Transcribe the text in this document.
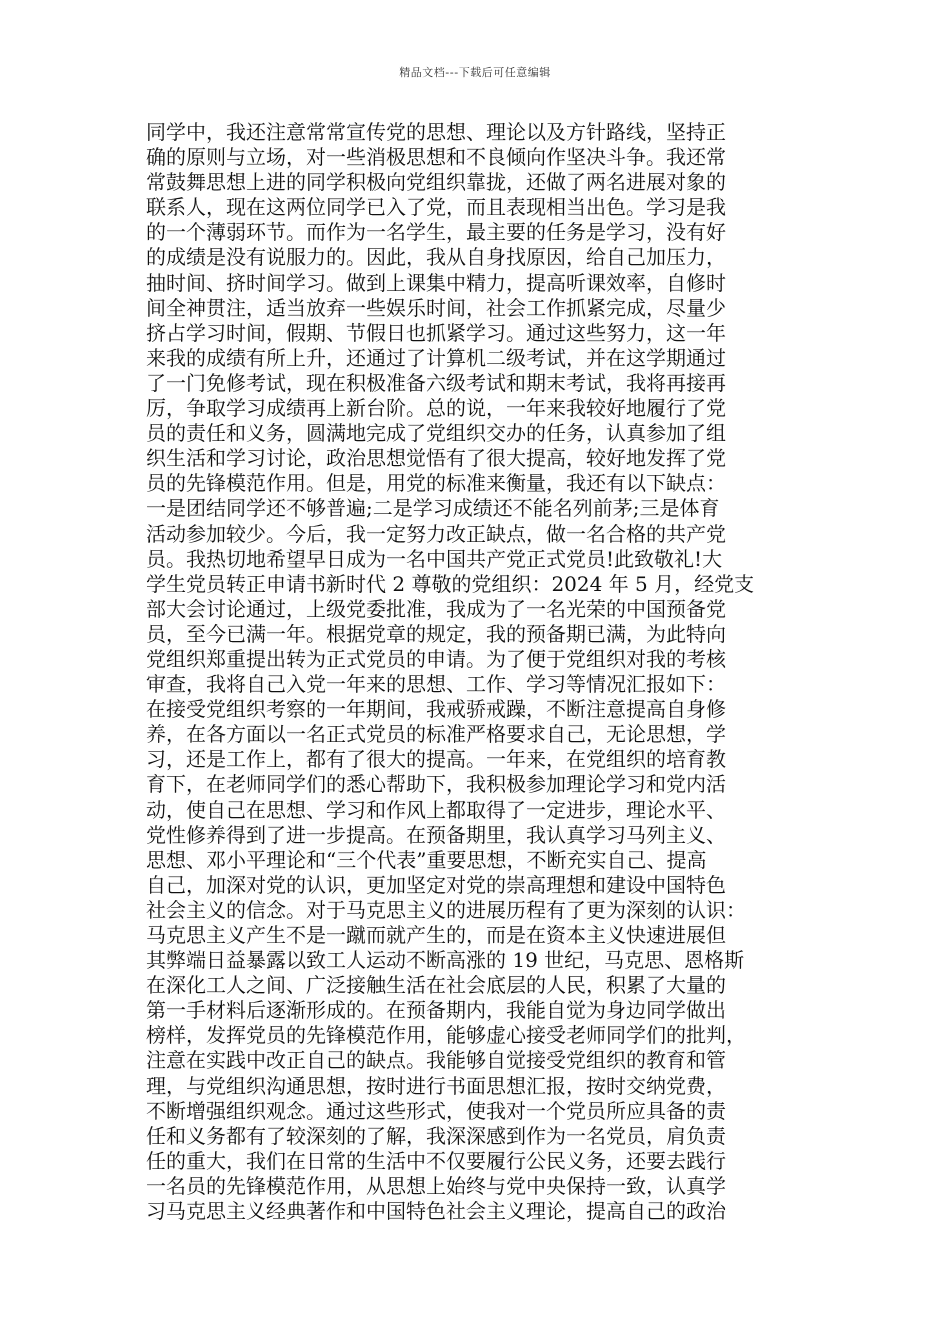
精品文档---下载后可任意编辑
同学中，我还注意常常宣传党的思想、理论以及方针路线，坚持正
确的原则与立场，对一些消极思想和不良倾向作坚决斗争。我还常
常鼓舞思想上进的同学积极向党组织靠拢，还做了两名进展对象的
联系人，现在这两位同学已入了党，而且表现相当出色。学习是我
的一个薄弱环节。而作为一名学生，最主要的任务是学习，没有好
的成绩是没有说服力的。因此，我从自身找原因，给自己加压力，
抽时间、挤时间学习。做到上课集中精力，提高听课效率，自修时
间全神贯注，适当放弃一些娱乐时间，社会工作抓紧完成，尽量少
挤占学习时间，假期、节假日也抓紧学习。通过这些努力，这一年
来我的成绩有所上升，还通过了计算机二级考试，并在这学期通过
了一门免修考试，现在积极准备六级考试和期末考试，我将再接再
厉，争取学习成绩再上新台阶。总的说，一年来我较好地履行了党
员的责任和义务，圆满地完成了党组织交办的任务，认真参加了组
织生活和学习讨论，政治思想觉悟有了很大提高，较好地发挥了党
员的先锋模范作用。但是，用党的标准来衡量，我还有以下缺点：
一是团结同学还不够普遍;二是学习成绩还不能名列前茅;三是体育
活动参加较少。今后，我一定努力改正缺点，做一名合格的共产党
员。我热切地希望早日成为一名中国共产党正式党员!此致敬礼!大
学生党员转正申请书新时代 2 尊敬的党组织：2024 年 5 月，经党支
部大会讨论通过，上级党委批准，我成为了一名光荣的中国预备党
员，至今已满一年。根据党章的规定，我的预备期已满，为此特向
党组织郑重提出转为正式党员的申请。为了便于党组织对我的考核
审查，我将自己入党一年来的思想、工作、学习等情况汇报如下：
在接受党组织考察的一年期间，我戒骄戒躁，不断注意提高自身修
养，在各方面以一名正式党员的标准严格要求自己，无论思想，学
习，还是工作上，都有了很大的提高。一年来，在党组织的培育教
育下，在老师同学们的悉心帮助下，我积极参加理论学习和党内活
动，使自己在思想、学习和作风上都取得了一定进步，理论水平、
党性修养得到了进一步提高。在预备期里，我认真学习马列主义、
思想、邓小平理论和“三个代表”重要思想，不断充实自己、提高
自己，加深对党的认识，更加坚定对党的崇高理想和建设中国特色
社会主义的信念。对于马克思主义的进展历程有了更为深刻的认识：
马克思主义产生不是一蹴而就产生的，而是在资本主义快速进展但
其弊端日益暴露以致工人运动不断高涨的 19 世纪，马克思、恩格斯
在深化工人之间、广泛接触生活在社会底层的人民，积累了大量的
第一手材料后逐渐形成的。在预备期内，我能自觉为身边同学做出
榜样，发挥党员的先锋模范作用，能够虚心接受老师同学们的批判，
注意在实践中改正自己的缺点。我能够自觉接受党组织的教育和管
理，与党组织沟通思想，按时进行书面思想汇报，按时交纳党费，
不断增强组织观念。通过这些形式，使我对一个党员所应具备的责
任和义务都有了较深刻的了解，我深深感到作为一名党员，肩负责
任的重大，我们在日常的生活中不仅要履行公民义务，还要去践行
一名员的先锋模范作用，从思想上始终与党中央保持一致，认真学
习马克思主义经典著作和中国特色社会主义理论，提高自己的政治
